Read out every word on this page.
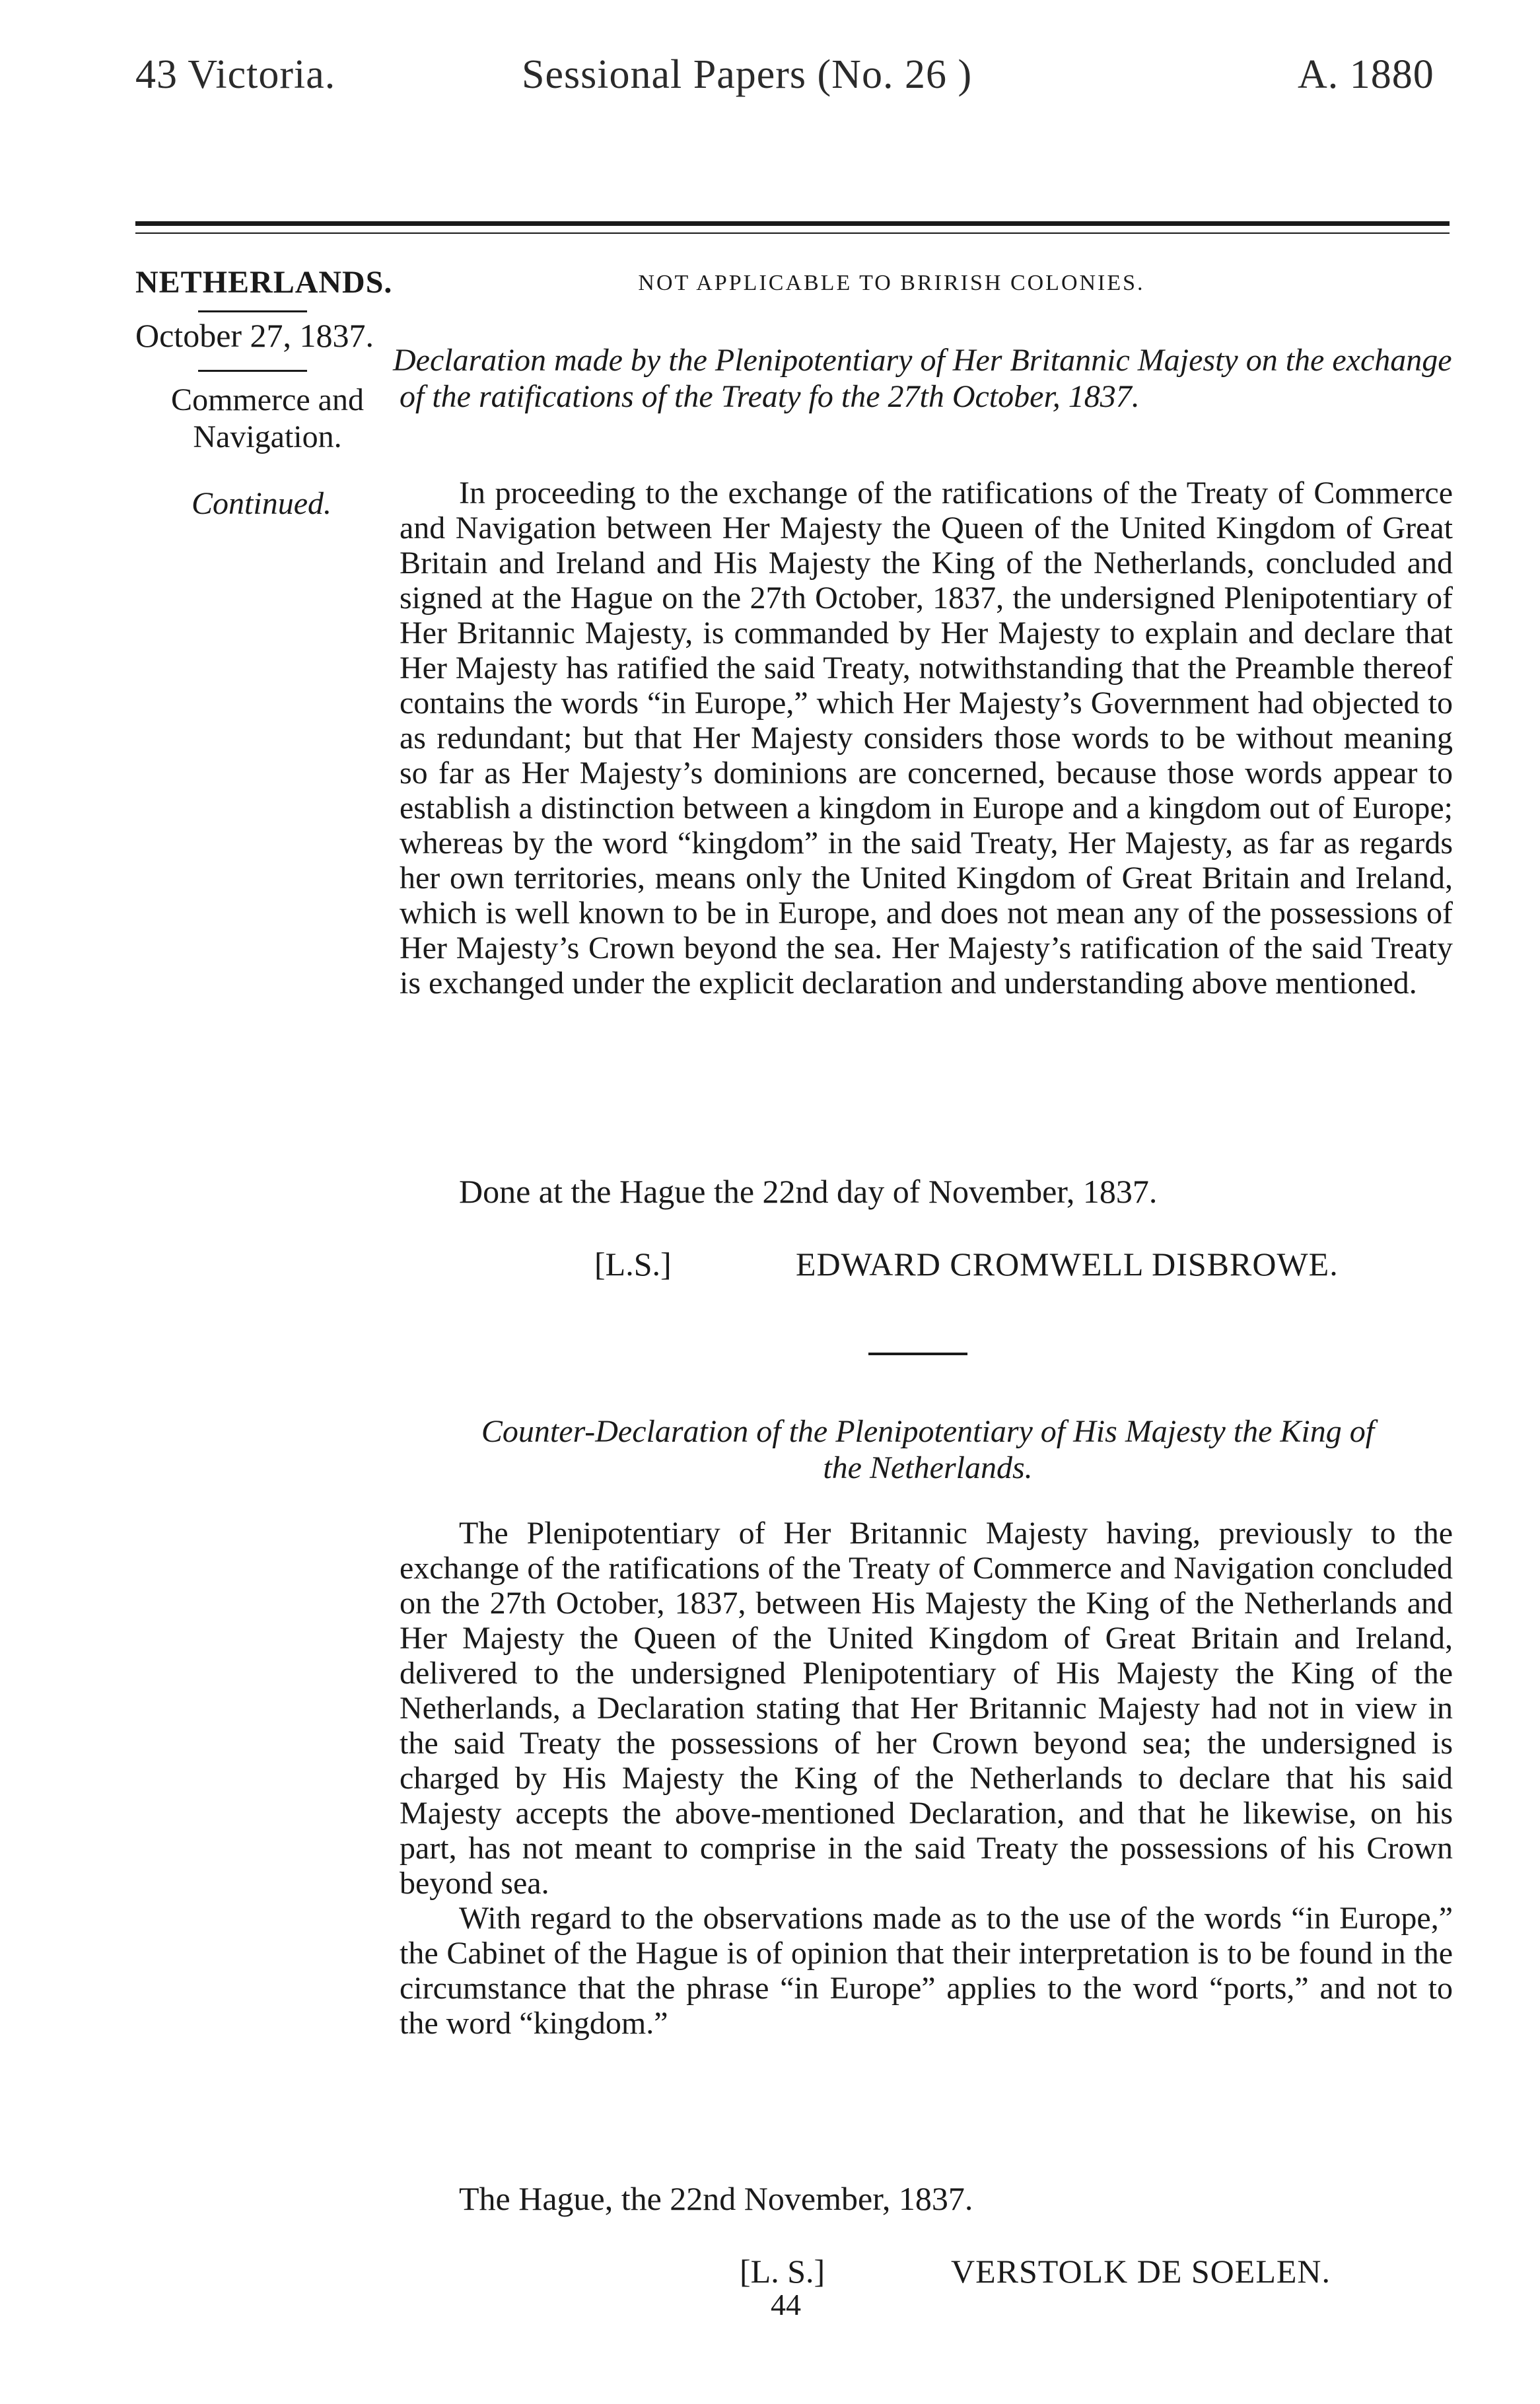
43 Victoria.	Sessional Papers (No. 26 )	A. 1880
NETHERLANDS.
October 27, 1837.
Commerce and Navigation.
Continued.
NOT APPLICABLE TO BRIRISH COLONIES.
Declaration made by the Plenipotentiary of Her Britannic Majesty on the exchange of the ratifications of the Treaty fo the 27th October, 1837.

In proceeding to the exchange of the ratifications of the Treaty of Commerce and Navigation between Her Majesty the Queen of the United Kingdom of Great Britain and Ireland and His Majesty the King of the Netherlands, concluded and signed at the Hague on the 27th October, 1837, the undersigned Plenipotentiary of Her Britannic Majesty, is commanded by Her Majesty to explain and declare that Her Majesty has ratified the said Treaty, notwithstanding that the Preamble thereof contains the words “in Europe,” which Her Majesty’s Government had objected to as redundant; but that Her Majesty considers those words to be without meaning so far as Her Majesty’s dominions are concerned, because those words appear to establish a distinction between a kingdom in Europe and a kingdom out of Europe; whereas by the word “kingdom” in the said Treaty, Her Majesty, as far as regards her own territories, means only the United Kingdom of Great Britain and Ireland, which is well known to be in Europe, and does not mean any of the possessions of Her Majesty’s Crown beyond the sea. Her Majesty’s ratification of the said Treaty is exchanged under the explicit declaration and understanding above mentioned.

Done at the Hague the 22nd day of November, 1837.
[L.S.]	EDWARD CROMWELL DISBROWE.
Counter-Declaration of the Plenipotentiary of His Majesty the King of
the Netherlands.

The Plenipotentiary of Her Britannic Majesty having, previously to the exchange of the ratifications of the Treaty of Commerce and Navigation concluded on the 27th October, 1837, between His Majesty the King of the Netherlands and Her Majesty the Queen of the United Kingdom of Great Britain and Ireland, delivered to the undersigned Plenipotentiary of His Majesty the King of the Netherlands, a Declaration stating that Her Britannic Majesty had not in view in the said Treaty the possessions of her Crown beyond sea; the undersigned is charged by His Majesty the King of the Netherlands to declare that his said Majesty accepts the above-mentioned Declaration, and that he likewise, on his part, has not meant to comprise in the said Treaty the possessions of his Crown beyond sea.

With regard to the observations made as to the use of the words “in Europe,” the Cabinet of the Hague is of opinion that their interpretation is to be found in the circumstance that the phrase “in Europe” applies to the word “ports,” and not to the word “kingdom.”

The Hague, the 22nd November, 1837.
[L. S.]	VERSTOLK DE SOELEN.
44
